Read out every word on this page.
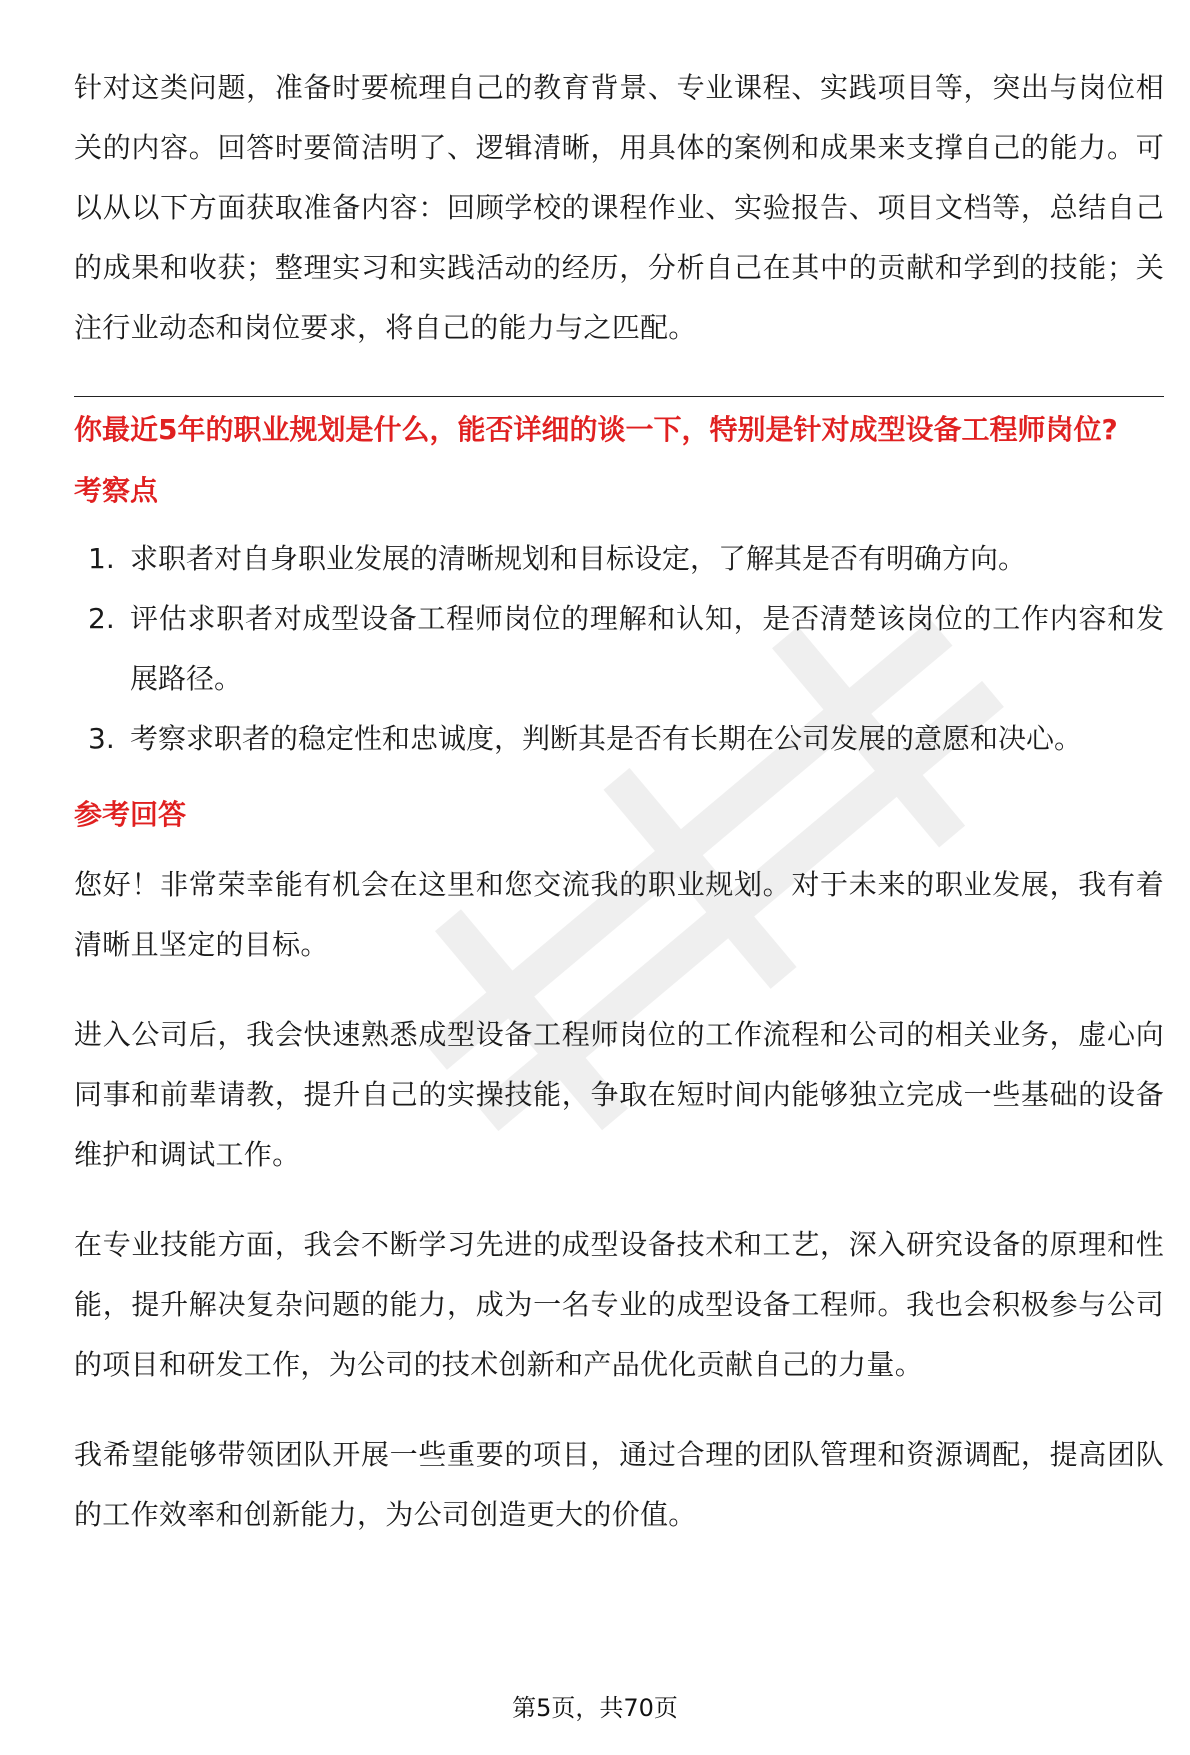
针对这类问题，准备时要梳理自己的教育背景、专业课程、实践项目等，突出与岗位相关的内容。回答时要简洁明了、逻辑清晰，用具体的案例和成果来支撑自己的能力。可以从以下方面获取准备内容：回顾学校的课程作业、实验报告、项目文档等，总结自己的成果和收获；整理实习和实践活动的经历，分析自己在其中的贡献和学到的技能；关注行业动态和岗位要求，将自己的能力与之匹配。

你最近5年的职业规划是什么，能否详细的谈一下，特别是针对成型设备工程师岗位?

考察点
1. 求职者对自身职业发展的清晰规划和目标设定，了解其是否有明确方向。
2. 评估求职者对成型设备工程师岗位的理解和认知，是否清楚该岗位的工作内容和发展路径。
3. 考察求职者的稳定性和忠诚度，判断其是否有长期在公司发展的意愿和决心。
参考回答

您好！非常荣幸能有机会在这里和您交流我的职业规划。对于未来的职业发展，我有着清晰且坚定的目标。

进入公司后，我会快速熟悉成型设备工程师岗位的工作流程和公司的相关业务，虚心向同事和前辈请教，提升自己的实操技能，争取在短时间内能够独立完成一些基础的设备维护和调试工作。

在专业技能方面，我会不断学习先进的成型设备技术和工艺，深入研究设备的原理和性能，提升解决复杂问题的能力，成为一名专业的成型设备工程师。我也会积极参与公司的项目和研发工作，为公司的技术创新和产品优化贡献自己的力量。

我希望能够带领团队开展一些重要的项目，通过合理的团队管理和资源调配，提高团队的工作效率和创新能力，为公司创造更大的价值。

第5页，共70页
